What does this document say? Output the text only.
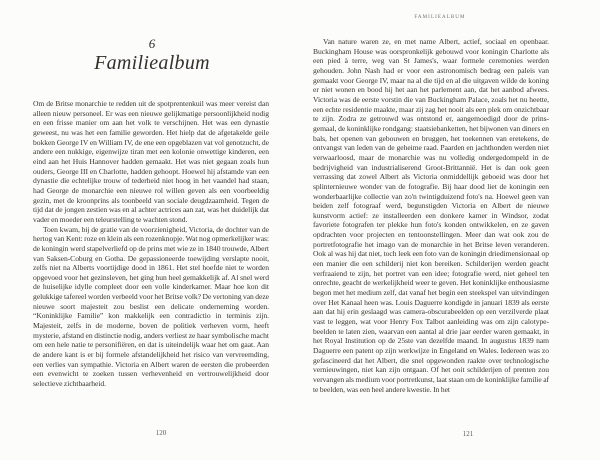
6
Familiealbum

Om de Britse monarchie te redden uit de spotprentenkuil was meer vereist dan alleen nieuw personeel. Er was een nieuwe gelijkmatige persoonlijkheid nodig en een frisse manier om aan het volk te verschijnen. Het was een dynastie geweest, nu was het een familie geworden. Het hielp dat de afgetakelde geile bokken George IV en William IV, de ene een opgeblazen vat vol genotzucht, de andere een nukkige, eigenwijze tiran met een kolonie onwettige kinderen, een eind aan het Huis Hannover hadden gemaakt. Het was niet gegaan zoals hun ouders, George III en Charlotte, hadden gehoopt. Hoewel hij afstamde van een dynastie die echtelijke trouw of tederheid niet hoog in het vaandel had staan, had George de monarchie een nieuwe rol willen geven als een voorbeeldig gezin, met de kroonprins als toonbeeld van sociale deugdzaamheid. Tegen de tijd dat de jongen zestien was en al achter actrices aan zat, was het duidelijk dat vader en moeder een teleurstelling te wachten stond.

Toen kwam, bij de gratie van de voorzienigheid, Victoria, de dochter van de hertog van Kent: roze en klein als een rozenknopje. Wat nog opmerkelijker was: de koningin werd stapelverliefd op de prins met wie ze in 1840 trouwde, Albert van Saksen-Coburg en Gotha. De gepassioneerde toewijding verslapte nooit, zelfs niet na Alberts voortijdige dood in 1861. Het stel hoefde niet te worden opgevoed voor het gezinsleven, het ging hun heel gemakkelijk af. Al snel werd de huiselijke idylle compleet door een volle kinderkamer. Maar hoe kon dit gelukkige tafereel worden verbeeld voor het Britse volk? De vertoning van deze nieuwe soort majesteit zou beslist een delicate onderneming worden. “Koninklijke Familie” kon makkelijk een contradictio in terminis zijn. Majesteit, zelfs in de moderne, boven de politiek verheven vorm, heeft mysterie, afstand en distinctie nodig, anders verliest ze haar symbolische macht om een hele natie te personifiëren, en dat is uiteindelijk waar het om gaat. Aan de andere kant is er bij formele afstandelijkheid het risico van vervreemding, een verlies van sympathie. Victoria en Albert waren de eersten die probeerden een evenwicht te zoeken tussen verhevenheid en vertrouwelijkheid door selectieve zichtbaarheid.

120
FAMILIEALBUM

Van nature waren ze, en met name Albert, actief, sociaal en openbaar. Buckingham House was oorspronkelijk gebouwd voor koningin Charlotte als een pied à terre, weg van St James's, waar formele ceremonies werden gehouden. John Nash had er voor een astronomisch bedrag een paleis van gemaakt voor George IV, maar na al die tijd en al die uitgaven wilde de koning er niet wonen en bood hij het aan het parlement aan, dat het aanbod afwees. Victoria was de eerste vorstin die van Buckingham Palace, zoals het nu heette, een echte residentie maakte, maar zij zag het nooit als een plek om onzichtbaar te zijn. Zodra ze getrouwd was ontstond er, aangemoedigd door de prins-gemaal, de koninklijke rondgang: staatsiebanketten, het bijwonen van diners en bals, het openen van gebouwen en bruggen, het toekennen van eretekens, de ontvangst van leden van de geheime raad. Paarden en jachthonden werden niet verwaarloosd, maar de monarchie was nu volledig ondergedompeld in de bedrijvigheid van industrialiserend Groot-Brittannië. Het is dan ook geen verrassing dat zowel Albert als Victoria onmiddellijk geboeid was door het splinternieuwe wonder van de fotografie. Bij haar dood liet de koningin een wonderbaarlijke collectie van zo'n twintigduizend foto's na. Hoewel geen van beiden zelf fotograaf werd, begunstigden Victoria en Albert de nieuwe kunstvorm actief: ze installeerden een donkere kamer in Windsor, zodat favoriete fotografen ter plekke hun foto's konden ontwikkelen, en ze gaven opdrachten voor projecten en tentoonstellingen. Meer dan wat ook zou de portretfotografie het imago van de monarchie in het Britse leven veranderen. Ook al was hij dat niet, toch leek een foto van de koningin driedimensionaal op een manier die een schilderij niet kon bereiken. Schilderijen werden geacht verfraaiend te zijn, het portret van een idee; fotografie werd, niet geheel ten onrechte, geacht de werkelijkheid weer te geven. Het koninklijke enthousiasme begon met het medium zelf, dat vanaf het begin een steekspel van uitvindingen over Het Kanaal heen was. Louis Daguerre kondigde in januari 1839 als eerste aan dat hij erin geslaagd was camera-obscurabeelden op een verzilverde plaat vast te leggen, wat voor Henry Fox Talbot aanleiding was om zijn calotype-beelden te laten zien, waarvan een aantal al drie jaar eerder waren gemaakt, in het Royal Institution op de 25ste van dezelfde maand. In augustus 1839 nam Daguerre een patent op zijn werkwijze in Engeland en Wales. Iedereen was zo gefascineerd dat het Albert, die snel opgewonden raakte over technologische vernieuwingen, niet kan zijn ontgaan. Of het ooit schilderijen of prenten zou vervangen als medium voor portretkunst, laat staan om de koninklijke familie af te beelden, was een heel andere kwestie. In het

121
